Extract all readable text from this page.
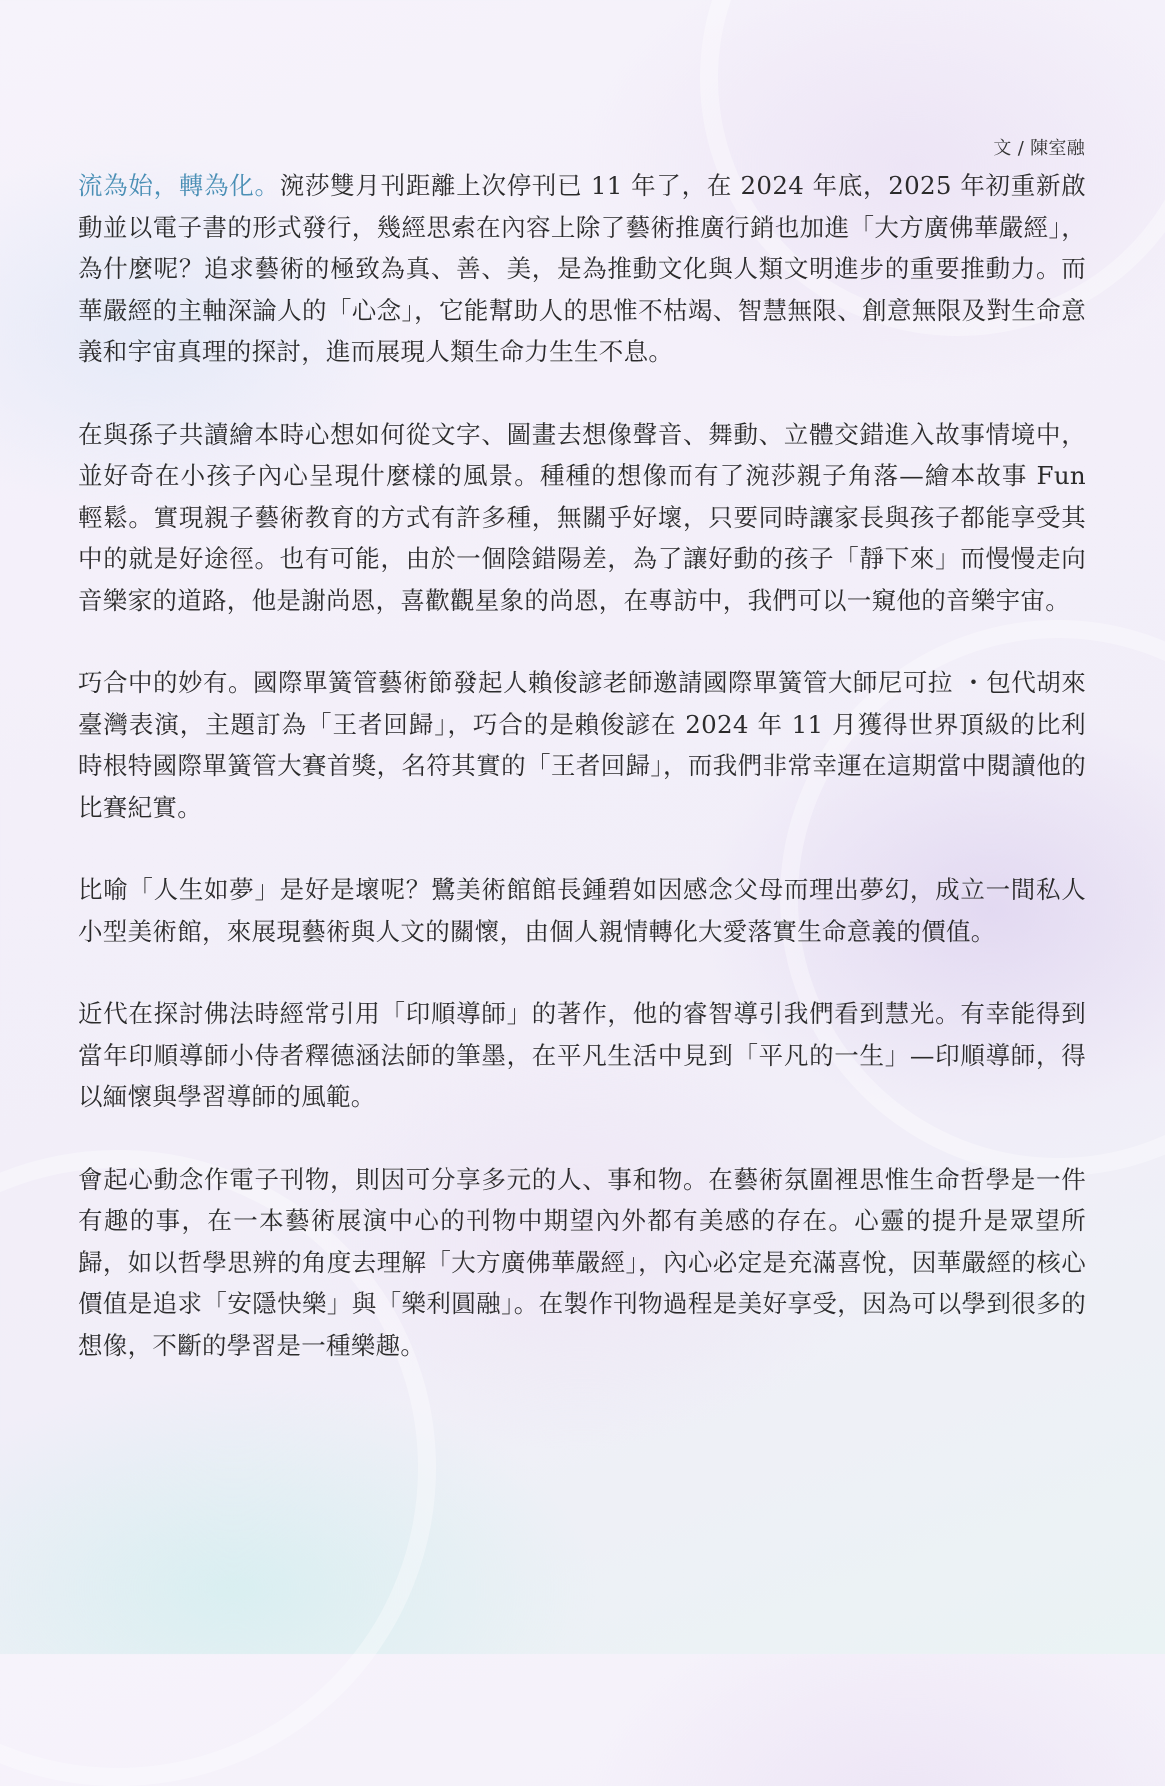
文 / 陳室融

流為始，轉為化。涴莎雙月刊距離上次停刊已 11 年了，在 2024 年底，2025 年初重新啟動並以電子書的形式發行，幾經思索在內容上除了藝術推廣行銷也加進「大方廣佛華嚴經」，為什麼呢？追求藝術的極致為真、善、美，是為推動文化與人類文明進步的重要推動力。而華嚴經的主軸深論人的「心念」，它能幫助人的思惟不枯竭、智慧無限、創意無限及對生命意義和宇宙真理的探討，進而展現人類生命力生生不息。

在與孫子共讀繪本時心想如何從文字、圖畫去想像聲音、舞動、立體交錯進入故事情境中，並好奇在小孩子內心呈現什麼樣的風景。種種的想像而有了涴莎親子角落—繪本故事 Fun 輕鬆。實現親子藝術教育的方式有許多種，無關乎好壞，只要同時讓家長與孩子都能享受其中的就是好途徑。也有可能，由於一個陰錯陽差，為了讓好動的孩子「靜下來」而慢慢走向音樂家的道路，他是謝尚恩，喜歡觀星象的尚恩，在專訪中，我們可以一窺他的音樂宇宙。

巧合中的妙有。國際單簧管藝術節發起人賴俊諺老師邀請國際單簧管大師尼可拉 ・包代胡來臺灣表演，主題訂為「王者回歸」，巧合的是賴俊諺在 2024 年 11 月獲得世界頂級的比利時根特國際單簧管大賽首獎，名符其實的「王者回歸」，而我們非常幸運在這期當中閱讀他的比賽紀實。

比喻「人生如夢」是好是壞呢？鷺美術館館長鍾碧如因感念父母而理出夢幻，成立一間私人小型美術館，來展現藝術與人文的關懷，由個人親情轉化大愛落實生命意義的價值。

近代在探討佛法時經常引用「印順導師」的著作，他的睿智導引我們看到慧光。有幸能得到當年印順導師小侍者釋德涵法師的筆墨，在平凡生活中見到「平凡的一生」—印順導師，得以緬懷與學習導師的風範。

會起心動念作電子刊物，則因可分享多元的人、事和物。在藝術氛圍裡思惟生命哲學是一件有趣的事，在一本藝術展演中心的刊物中期望內外都有美感的存在。心靈的提升是眾望所歸，如以哲學思辨的角度去理解「大方廣佛華嚴經」，內心必定是充滿喜悅，因華嚴經的核心價值是追求「安隱快樂」與「樂利圓融」。在製作刊物過程是美好享受，因為可以學到很多的想像，不斷的學習是一種樂趣。
